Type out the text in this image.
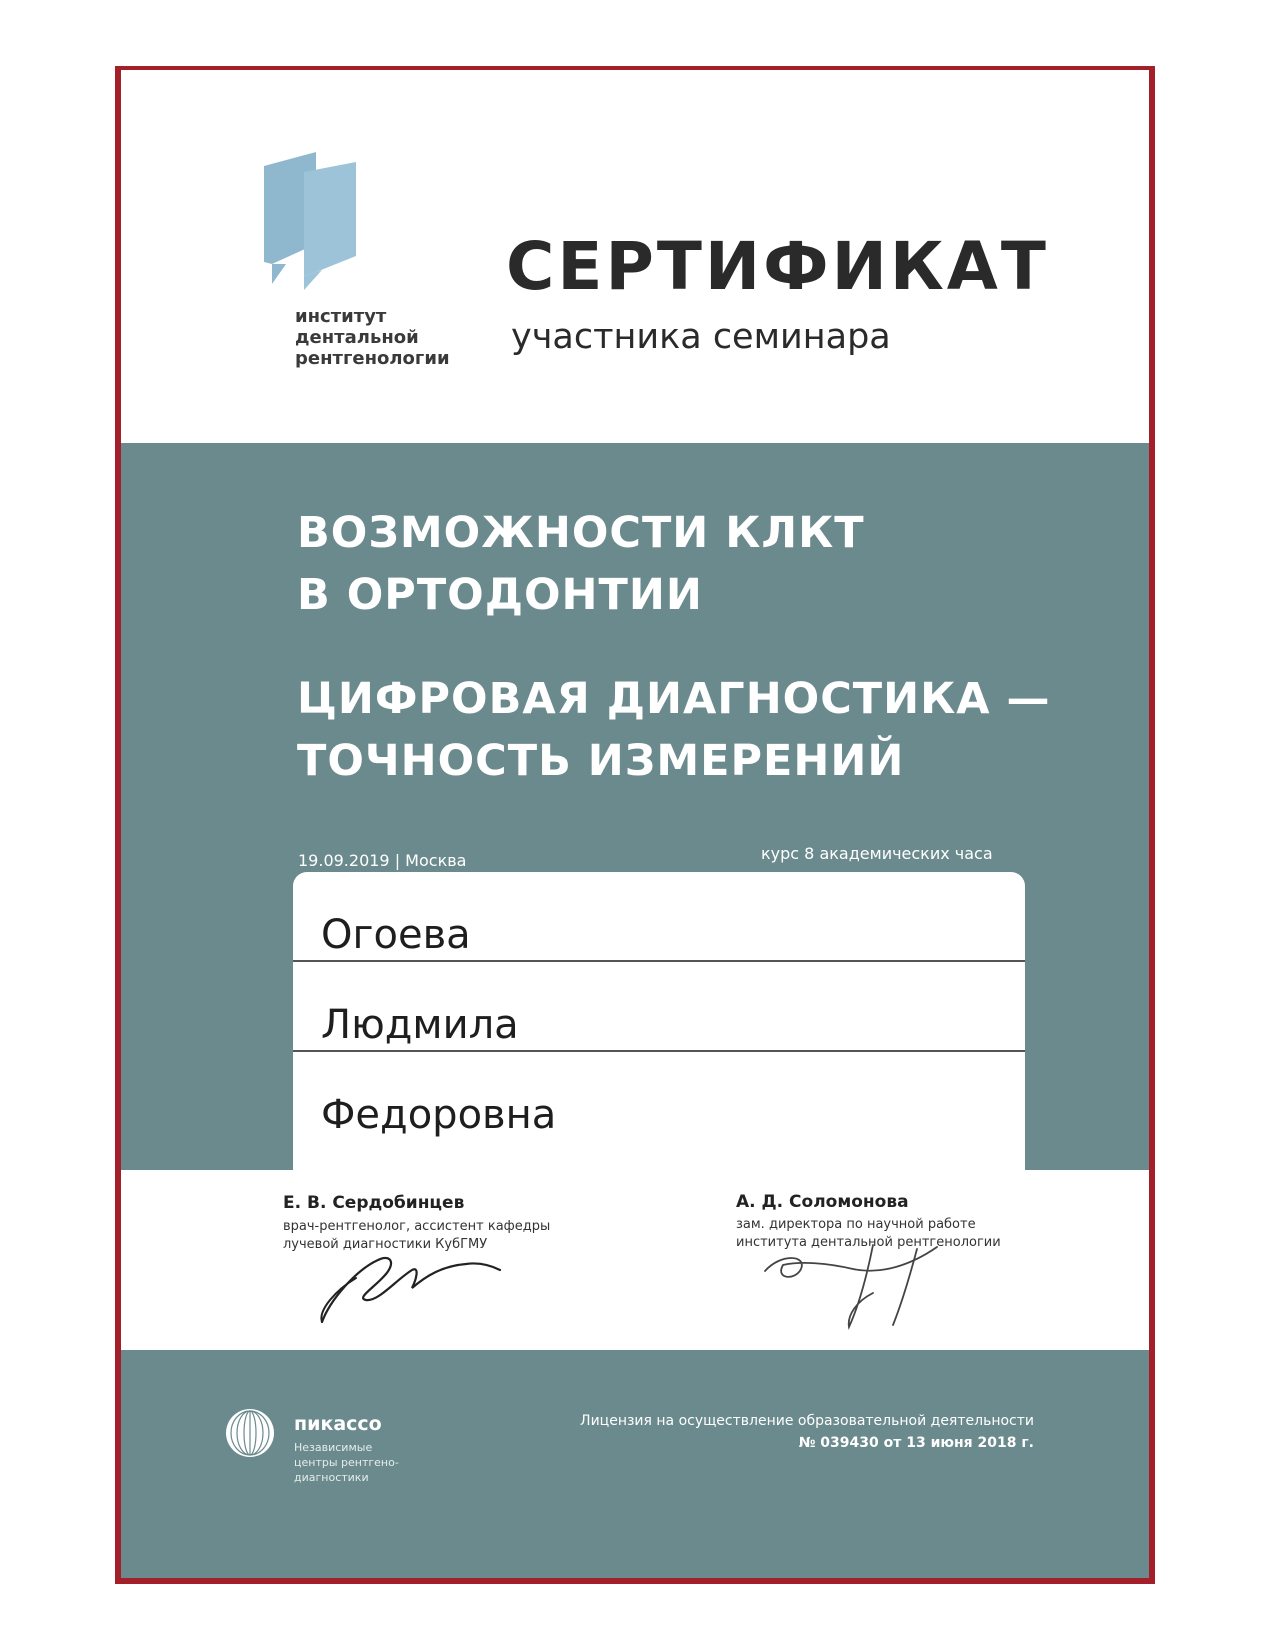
институт
дентальной
рентгенологии
СЕРТИФИКАТ
участника семинара
ВОЗМОЖНОСТИ КЛКТ
В ОРТОДОНТИИ
ЦИФРОВАЯ ДИАГНОСТИКА —
ТОЧНОСТЬ ИЗМЕРЕНИЙ
19.09.2019 | Москва	курс 8 академических часа
Огоева
Людмила
Федоровна
Е. В. Сердобинцев
врач-рентгенолог, ассистент кафедры
лучевой диагностики КубГМУ
А. Д. Соломонова
зам. директора по научной работе
института дентальной рентгенологии
пикассо
Независимые
центры рентгено-
диагностики
Лицензия на осуществление образовательной деятельности
№ 039430 от 13 июня 2018 г.
